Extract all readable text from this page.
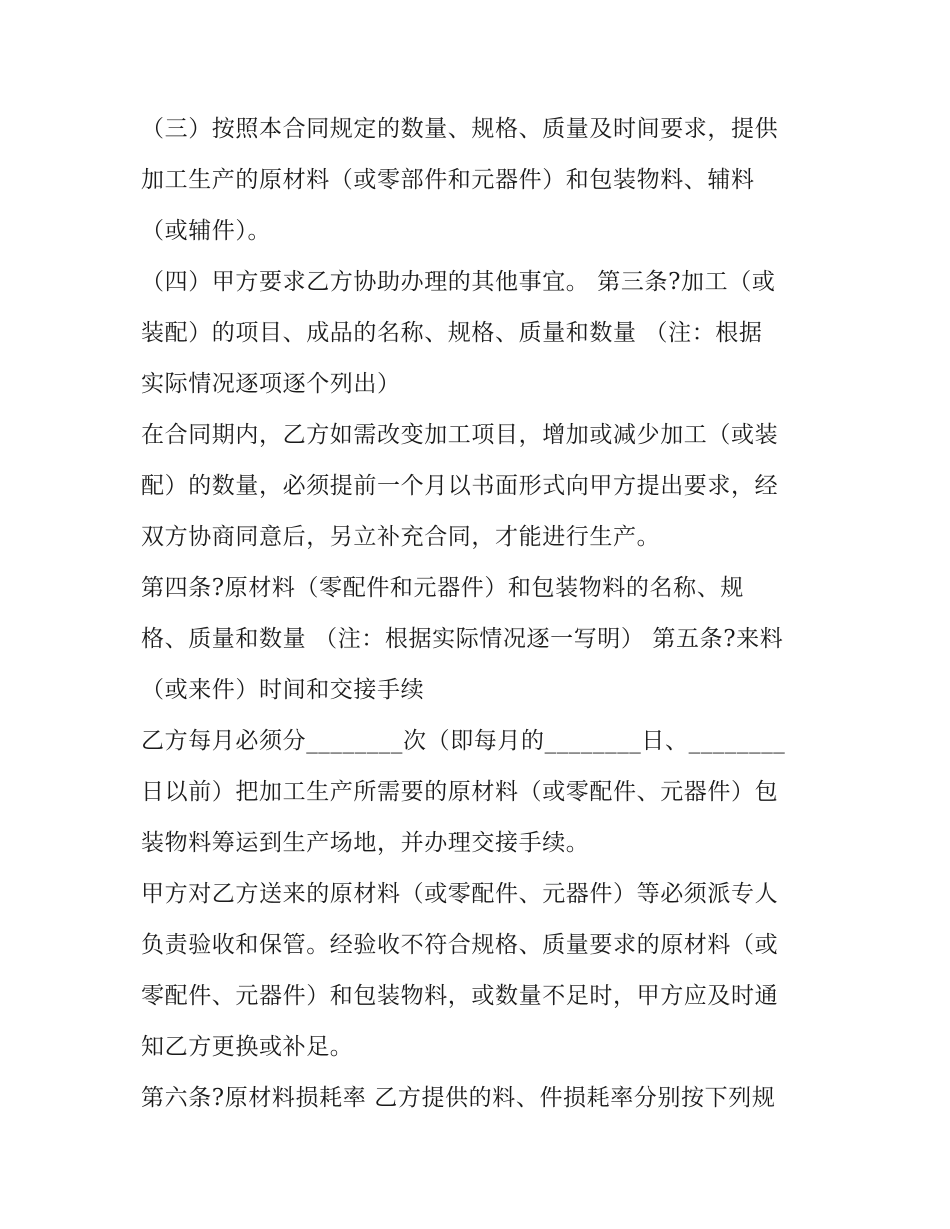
（三）按照本合同规定的数量、规格、质量及时间要求，提供
加工生产的原材料（或零部件和元器件）和包装物料、辅料
（或辅件）。
（四）甲方要求乙方协助办理的其他事宜。 第三条?加工（或
装配）的项目、成品的名称、规格、质量和数量 （注：根据
实际情况逐项逐个列出）
在合同期内，乙方如需改变加工项目，增加或减少加工（或装
配）的数量，必须提前一个月以书面形式向甲方提出要求，经
双方协商同意后，另立补充合同，才能进行生产。
第四条?原材料（零配件和元器件）和包装物料的名称、规
格、质量和数量 （注：根据实际情况逐一写明） 第五条?来料
（或来件）时间和交接手续
乙方每月必须分________次（即每月的________日、________
日以前）把加工生产所需要的原材料（或零配件、元器件）包
装物料筹运到生产场地，并办理交接手续。
甲方对乙方送来的原材料（或零配件、元器件）等必须派专人
负责验收和保管。经验收不符合规格、质量要求的原材料（或
零配件、元器件）和包装物料，或数量不足时，甲方应及时通
知乙方更换或补足。
第六条?原材料损耗率 乙方提供的料、件损耗率分别按下列规
